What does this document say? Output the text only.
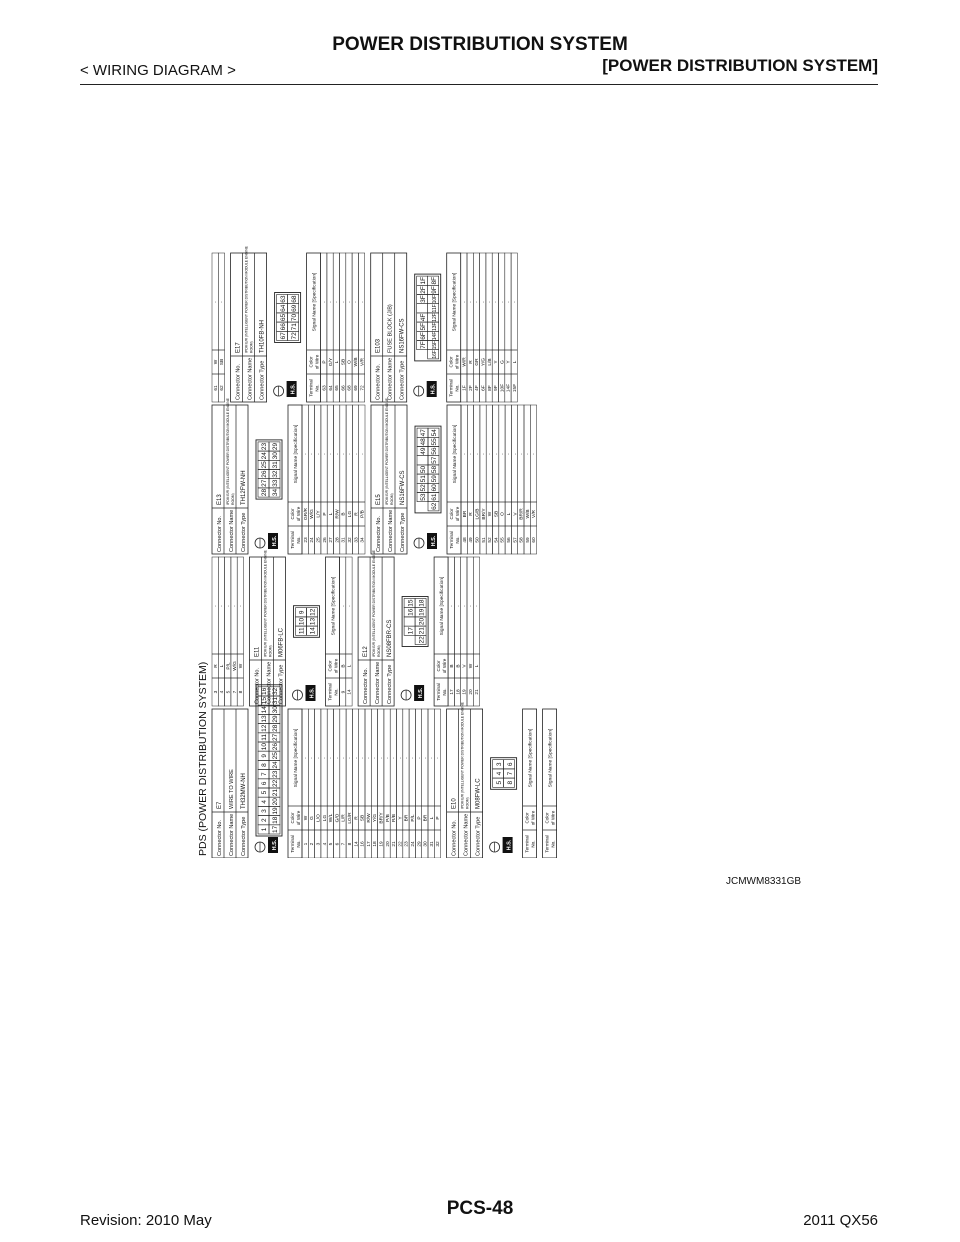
POWER DISTRIBUTION SYSTEM
< WIRING DIAGRAM >	[POWER DISTRIBUTION SYSTEM]
PDS (POWER DISTRIBUTION SYSTEM) Connector No. Connector Name Connector Type
E7 WIRE TO WIRE TH32MW-NH
H.S.
1
2
3
4
5
6
7
8
9
10
11
12
13
14
15
16
17
18
19
20
21
22
23
24
25
26
27
28
29
30
31
32
Terminal No.
Color of Wire
Signal Name [Specification]
1
W
-
2
G
-
3
L/O
-
4
LG
-
5
W/L
-
6
G/O
-
7
L/R
-
8
LG/R
-
14
R
-
16
SB
-
17
R/W
-
18
Y/G
-
19
BR/Y
-
20
P/B
-
21
R/B
-
22
Y
-
23
BR
-
24
P/L
-
29
P
-
30
BR
-
31
L
-
32
P
-
Connector No. Connector Name Connector Type
E10 IPDM E/R (INTELLIGENT POWER DISTRIBUTION MODULE ENGINE ROOM) M08FW-LC
H.S.
5
4
3
8
7
6
Terminal No.
Color of Wire
Signal Name [Specification]
Terminal No.
Color of Wire
Signal Name [Specification]
3
R
-
4
L
-
5
P/L
-
7
W/G
-
8
W
-
Connector No. Connector Name Connector Type
E11 IPDM E/R (INTELLIGENT POWER DISTRIBUTION MODULE ENGINE ROOM) M06FB-LC
H.S.
11
10
9
14
13
12
Terminal No.
Color of Wire
Signal Name [Specification]
9
B
-
14
L
-
Connector No. Connector Name Connector Type
E12 IPDM E/R (INTELLIGENT POWER DISTRIBUTION MODULE ENGINE ROOM) NS08FBR-CS
H.S.
17
16
15
22
21
20
19
18
Terminal No.
Color of Wire
Signal Name [Specification]
17
B
-
18
B
-
19
V
-
20
W
-
21
L
-
Connector No. Connector Name Connector Type
E13 IPDM E/R (INTELLIGENT POWER DISTRIBUTION MODULE ENGINE ROOM) TH12FW-NH
H.S.
28
27
26
25
24
23
34
33
32
31
30
29
Terminal No.
Color of Wire
Signal Name [Specification]
23
GR/R
-
24
W/G
-
25
L/Y
-
26
P
-
27
L
-
28
R/W
-
31
B
-
32
LG
-
33
R
-
34
P/B
-
Connector No. Connector Name Connector Type
E15 IPDM E/R (INTELLIGENT POWER DISTRIBUTION MODULE ENGINE ROOM) NS16FW-CS
H.S.
53
52
51
50
49
48
47
62
61
60
59
58
57
56
55
54
Terminal No.
Color of Wire
Signal Name [Specification]
48
BR
-
49
R
-
50
LG/B
-
51
BR/Y
-
52
W
-
54
SB
-
55
O
-
56
L
-
57
V
-
58
BR/R
-
59
W/B
-
60
V/R
-
61
W
-
62
SB
-
Connector No. Connector Name Connector Type
E17 IPDM E/R (INTELLIGENT POWER DISTRIBUTION MODULE ENGINE ROOM) TH10FB-NH
H.S.
67
66
65
64
63
72
71
70
69
68
Terminal No.
Color of Wire
Signal Name [Specification]
63
P
-
64
G/Y
-
65
L
-
66
SB
-
68
O
-
69
W/B
-
72
V/R
-
Connector No. Connector Name Connector Type
E103 FUSE BLOCK (J/B) NS16FW-CS
H.S.
7F
6F
5F
4F
3F
2F
1F
16F
15F
14F
13F
12F
11F
10F
9F
8F
Terminal No.
Color of Wire
Signal Name [Specification]
1F
W/R
-
2F
R
-
4F
GR
-
6F
Y/G
-
8F
L/B
-
9F
Y
-
10F
G
-
14F
Y
-
15F
L
-
JCMWM8331GB
PCS-48
Revision: 2010 May	2011 QX56
